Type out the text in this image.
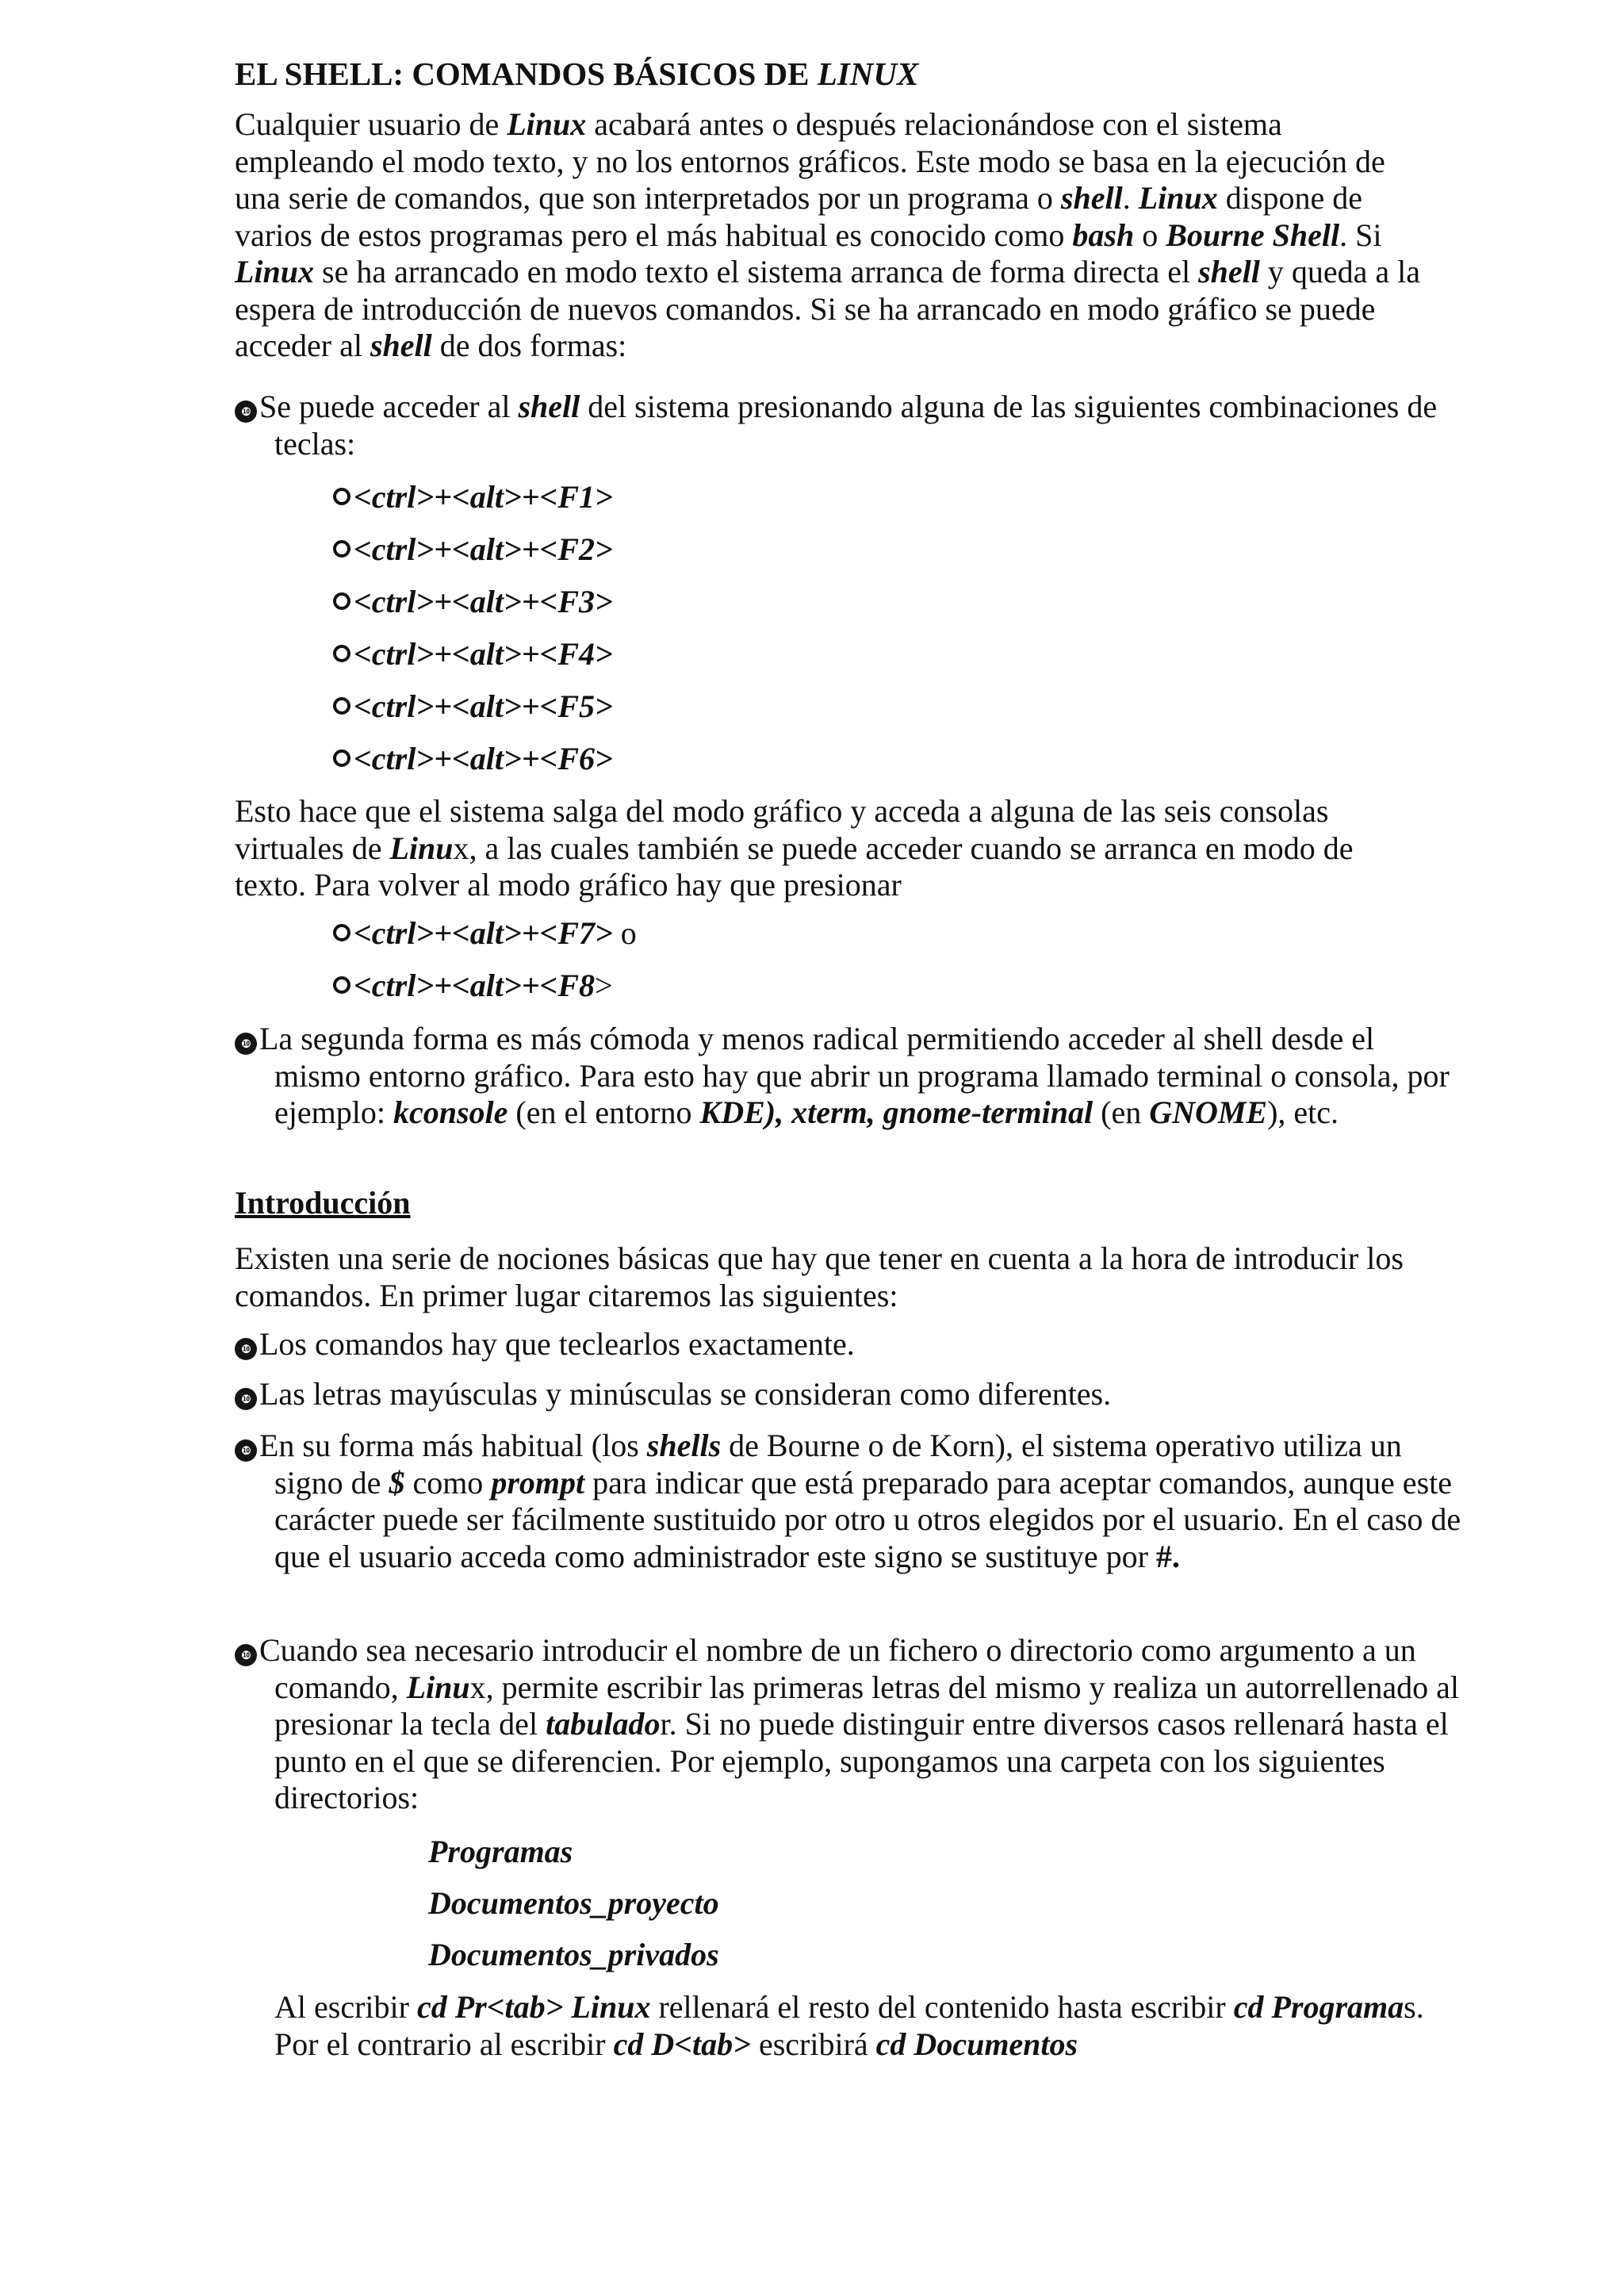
EL SHELL: COMANDOS BÁSICOS DE LINUX

Cualquier usuario de Linux acabará antes o después relacionándose con el sistema empleando el modo texto, y no los entornos gráficos. Este modo se basa en la ejecución de una serie de comandos, que son interpretados por un programa o shell. Linux dispone de varios de estos programas pero el más habitual es conocido como bash o Bourne Shell. Si Linux se ha arrancado en modo texto el sistema arranca de forma directa el shell y queda a la espera de introducción de nuevos comandos. Si se ha arrancado en modo gráfico se puede acceder al shell de dos formas:

❿ Se puede acceder al shell del sistema presionando alguna de las siguientes combinaciones de teclas:

<ctrl>+<alt>+<F1>
<ctrl>+<alt>+<F2>
<ctrl>+<alt>+<F3>
<ctrl>+<alt>+<F4>
<ctrl>+<alt>+<F5>
<ctrl>+<alt>+<F6>

Esto hace que el sistema salga del modo gráfico y acceda a alguna de las seis consolas virtuales de Linux, a las cuales también se puede acceder cuando se arranca en modo de texto. Para volver al modo gráfico hay que presionar

<ctrl>+<alt>+<F7> o
<ctrl>+<alt>+<F8>

❿ La segunda forma es más cómoda y menos radical permitiendo acceder al shell desde el mismo entorno gráfico. Para esto hay que abrir un programa llamado terminal o consola, por ejemplo: kconsole (en el entorno KDE), xterm, gnome-terminal (en GNOME), etc.

Introducción

Existen una serie de nociones básicas que hay que tener en cuenta a la hora de introducir los comandos. En primer lugar citaremos las siguientes:

❿ Los comandos hay que teclearlos exactamente.

❿ Las letras mayúsculas y minúsculas se consideran como diferentes.

❿ En su forma más habitual (los shells de Bourne o de Korn), el sistema operativo utiliza un signo de $ como prompt para indicar que está preparado para aceptar comandos, aunque este carácter puede ser fácilmente sustituido por otro u otros elegidos por el usuario. En el caso de que el usuario acceda como administrador este signo se sustituye por #.

❿ Cuando sea necesario introducir el nombre de un fichero o directorio como argumento a un comando, Linux, permite escribir las primeras letras del mismo y realiza un autorrellenado al presionar la tecla del tabulador. Si no puede distinguir entre diversos casos rellenará hasta el punto en el que se diferencien. Por ejemplo, supongamos una carpeta con los siguientes directorios:

Programas
Documentos_proyecto
Documentos_privados

Al escribir cd Pr<tab> Linux rellenará el resto del contenido hasta escribir cd Programas. Por el contrario al escribir cd D<tab> escribirá cd Documentos
